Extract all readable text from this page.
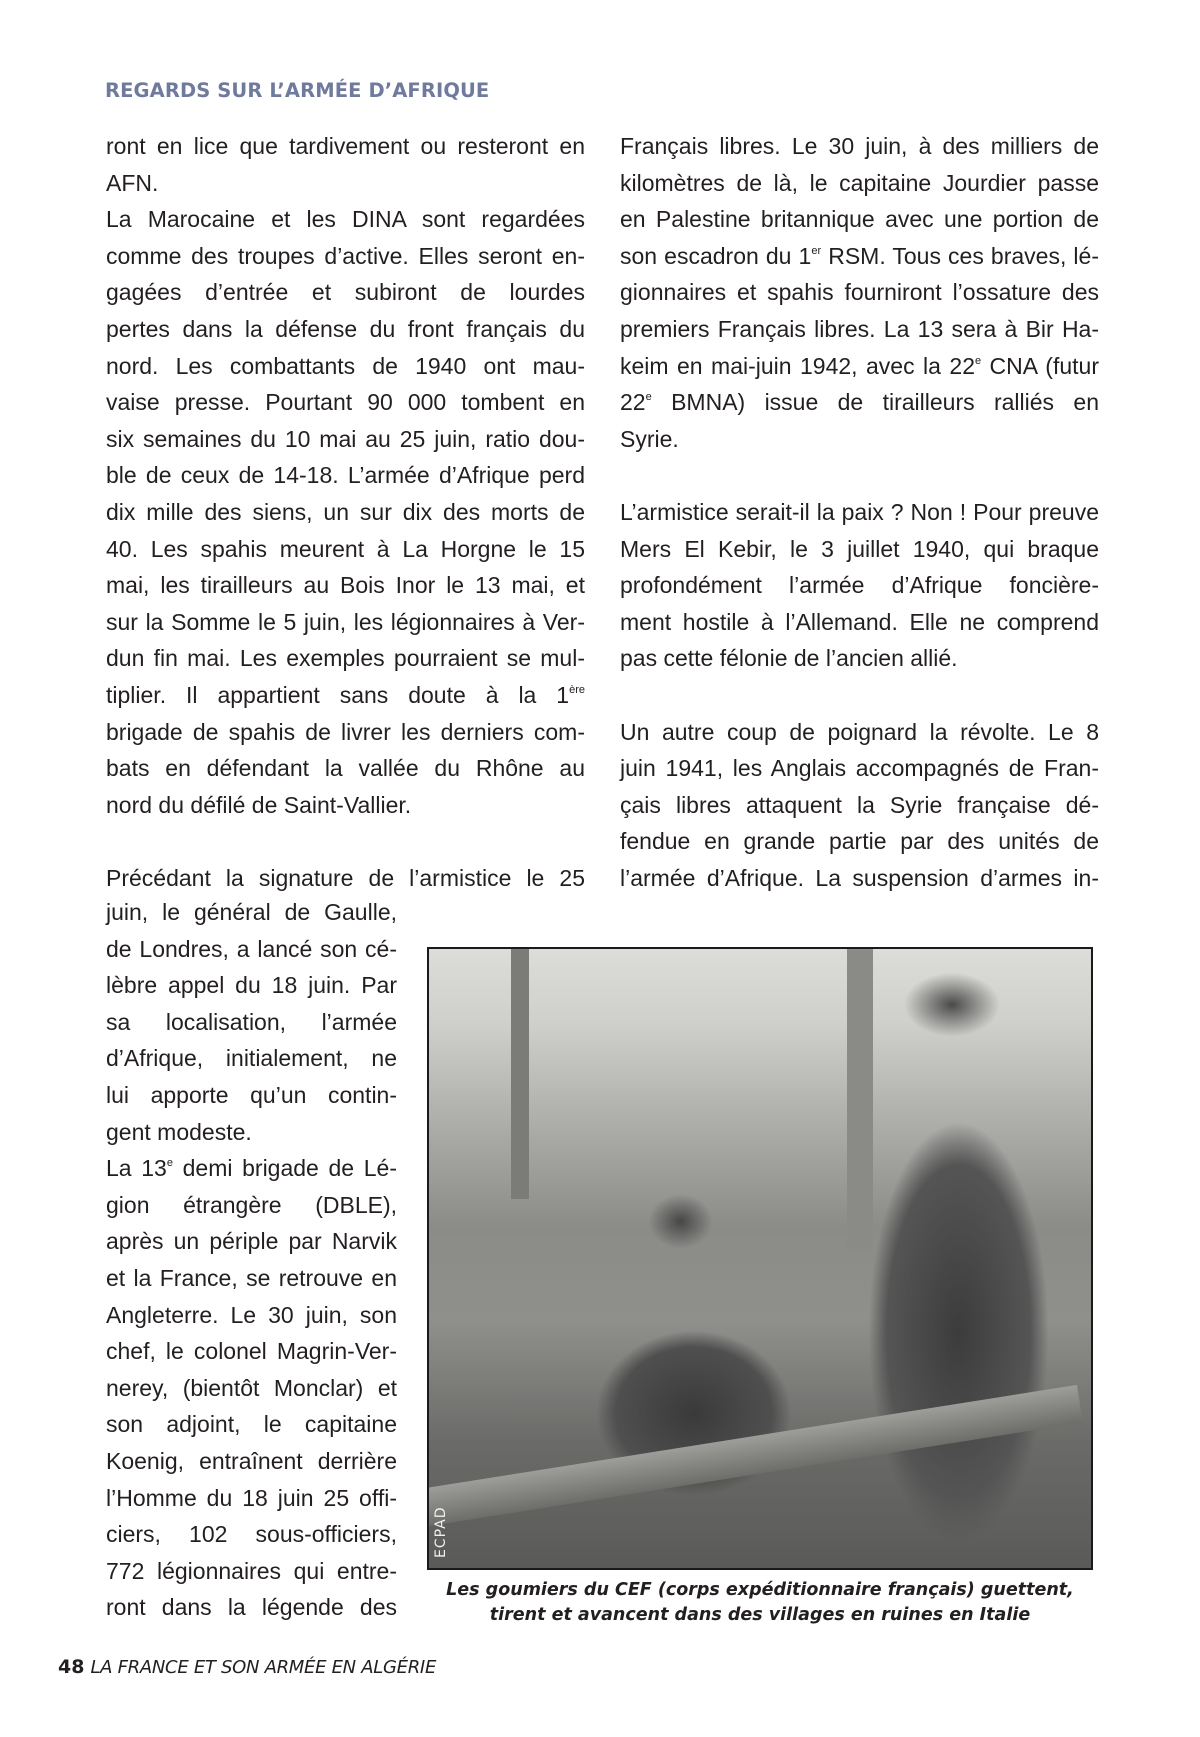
REGARDS SUR L’ARMÉE D’AFRIQUE
ront en lice que tardivement ou resteront en
AFN.
La Marocaine et les DINA sont regardées
comme des troupes d’active. Elles seront en-
gagées d’entrée et subiront de lourdes
pertes dans la défense du front français du
nord. Les combattants de 1940 ont mau-
vaise presse. Pourtant 90 000 tombent en
six semaines du 10 mai au 25 juin, ratio dou-
ble de ceux de 14-18. L’armée d’Afrique perd
dix mille des siens, un sur dix des morts de
40. Les spahis meurent à La Horgne le 15
mai, les tirailleurs au Bois Inor le 13 mai, et
sur la Somme le 5 juin, les légionnaires à Ver-
dun fin mai. Les exemples pourraient se mul-
tiplier. Il appartient sans doute à la 1ère
brigade de spahis de livrer les derniers com-
bats en défendant la vallée du Rhône au
nord du défilé de Saint-Vallier.
Précédant la signature de l’armistice le 25
juin, le général de Gaulle,
de Londres, a lancé son cé-
lèbre appel du 18 juin. Par
sa localisation, l’armée
d’Afrique, initialement, ne
lui apporte qu’un contin-
gent modeste.
La 13e demi brigade de Lé-
gion étrangère (DBLE),
après un périple par Narvik
et la France, se retrouve en
Angleterre. Le 30 juin, son
chef, le colonel Magrin-Ver-
nerey, (bientôt Monclar) et
son adjoint, le capitaine
Koenig, entraînent derrière
l’Homme du 18 juin 25 offi-
ciers, 102 sous-officiers,
772 légionnaires qui entre-
ront dans la légende des
Français libres. Le 30 juin, à des milliers de
kilomètres de là, le capitaine Jourdier passe
en Palestine britannique avec une portion de
son escadron du 1er RSM. Tous ces braves, lé-
gionnaires et spahis fourniront l’ossature des
premiers Français libres. La 13 sera à Bir Ha-
keim en mai-juin 1942, avec la 22e CNA (futur
22e BMNA) issue de tirailleurs ralliés en
Syrie.
L’armistice serait-il la paix ? Non ! Pour preuve
Mers El Kebir, le 3 juillet 1940, qui braque
profondément l’armée d’Afrique foncière-
ment hostile à l’Allemand. Elle ne comprend
pas cette félonie de l’ancien allié.
Un autre coup de poignard la révolte. Le 8
juin 1941, les Anglais accompagnés de Fran-
çais libres attaquent la Syrie française dé-
fendue en grande partie par des unités de
l’armée d’Afrique. La suspension d’armes in-
ECPAD
Les goumiers du CEF (corps expéditionnaire français) guettent,
tirent et avancent dans des villages en ruines en Italie
48 LA FRANCE ET SON ARMÉE EN ALGÉRIE
